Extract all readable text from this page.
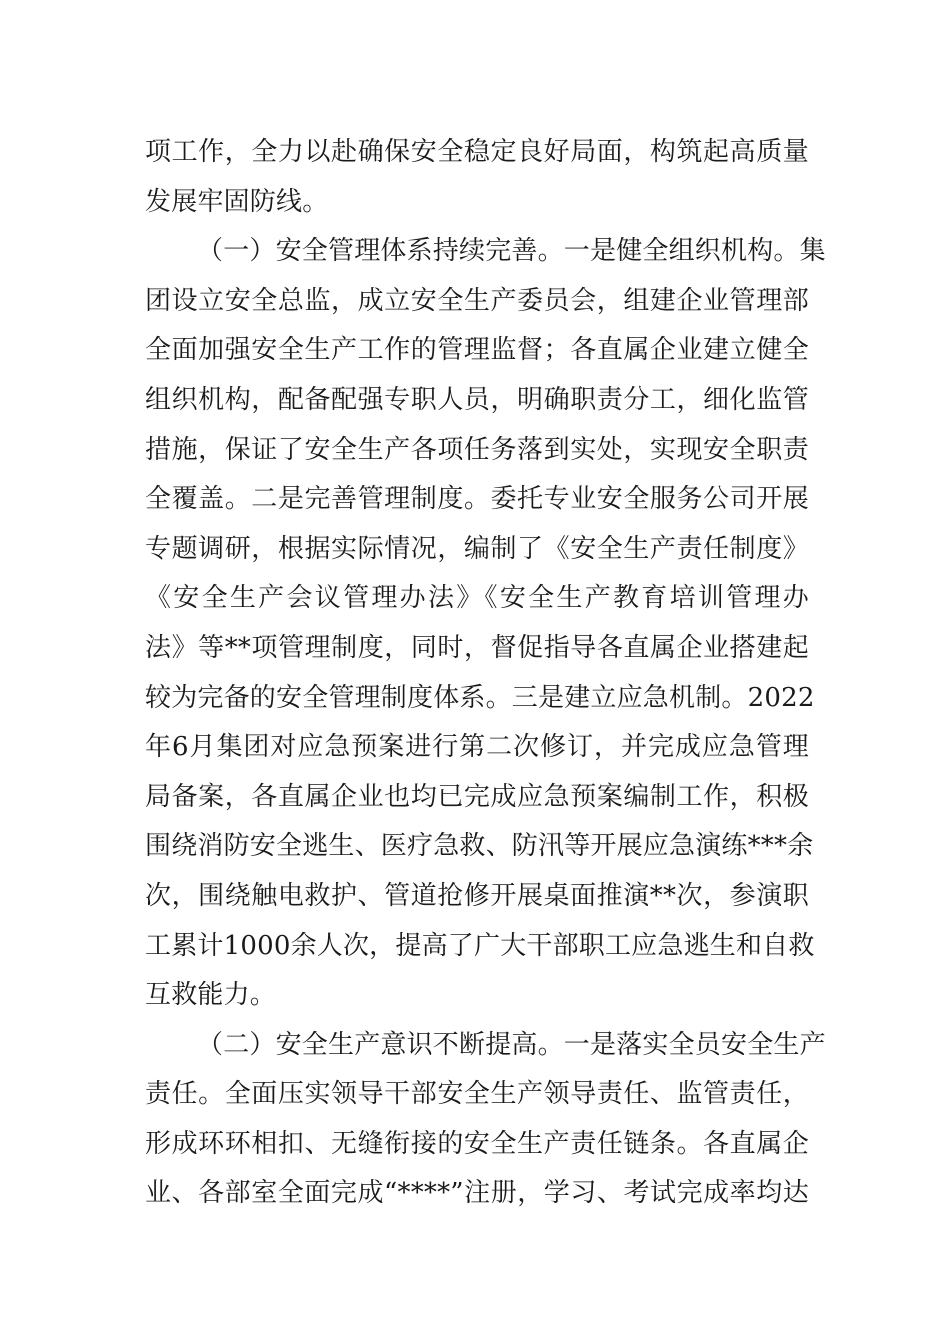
项工作，全力以赴确保安全稳定良好局面，构筑起高质量
发展牢固防线。
（一）安全管理体系持续完善。一是健全组织机构。集
团设立安全总监，成立安全生产委员会，组建企业管理部
全面加强安全生产工作的管理监督；各直属企业建立健全
组织机构，配备配强专职人员，明确职责分工，细化监管
措施，保证了安全生产各项任务落到实处，实现安全职责
全覆盖。二是完善管理制度。委托专业安全服务公司开展
专题调研，根据实际情况，编制了《安全生产责任制度》
《安全生产会议管理办法》《安全生产教育培训管理办
法》等**项管理制度，同时，督促指导各直属企业搭建起
较为完备的安全管理制度体系。三是建立应急机制。2022
年6月集团对应急预案进行第二次修订，并完成应急管理
局备案，各直属企业也均已完成应急预案编制工作，积极
围绕消防安全逃生、医疗急救、防汛等开展应急演练***余
次，围绕触电救护、管道抢修开展桌面推演**次，参演职
工累计1000余人次，提高了广大干部职工应急逃生和自救
互救能力。
（二）安全生产意识不断提高。一是落实全员安全生产
责任。全面压实领导干部安全生产领导责任、监管责任，
形成环环相扣、无缝衔接的安全生产责任链条。各直属企
业、各部室全面完成“****”注册，学习、考试完成率均达
